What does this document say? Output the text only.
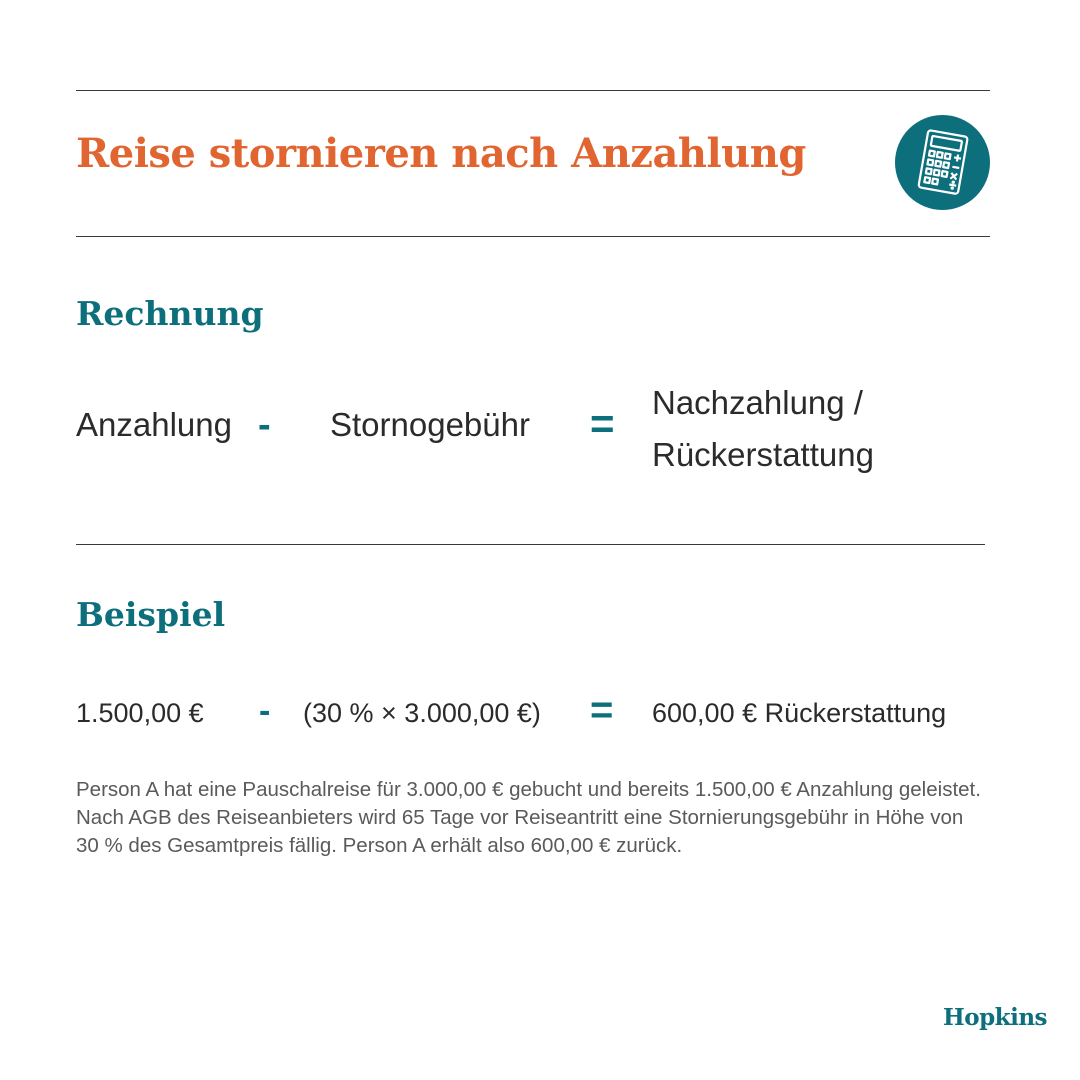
Reise stornieren nach Anzahlung
Rechnung
Anzahlung - Stornogebühr = Nachzahlung /
Rückerstattung
Beispiel
1.500,00 € - (30 % × 3.000,00 €) = 600,00 € Rückerstattung
Person A hat eine Pauschalreise für 3.000,00 € gebucht und bereits 1.500,00 € Anzahlung geleistet. Nach AGB des Reiseanbieters wird 65 Tage vor Reiseantritt eine Stornierungsgebühr in Höhe von 30 % des Gesamtpreis fällig. Person A erhält also 600,00 € zurück.
Hopkins
